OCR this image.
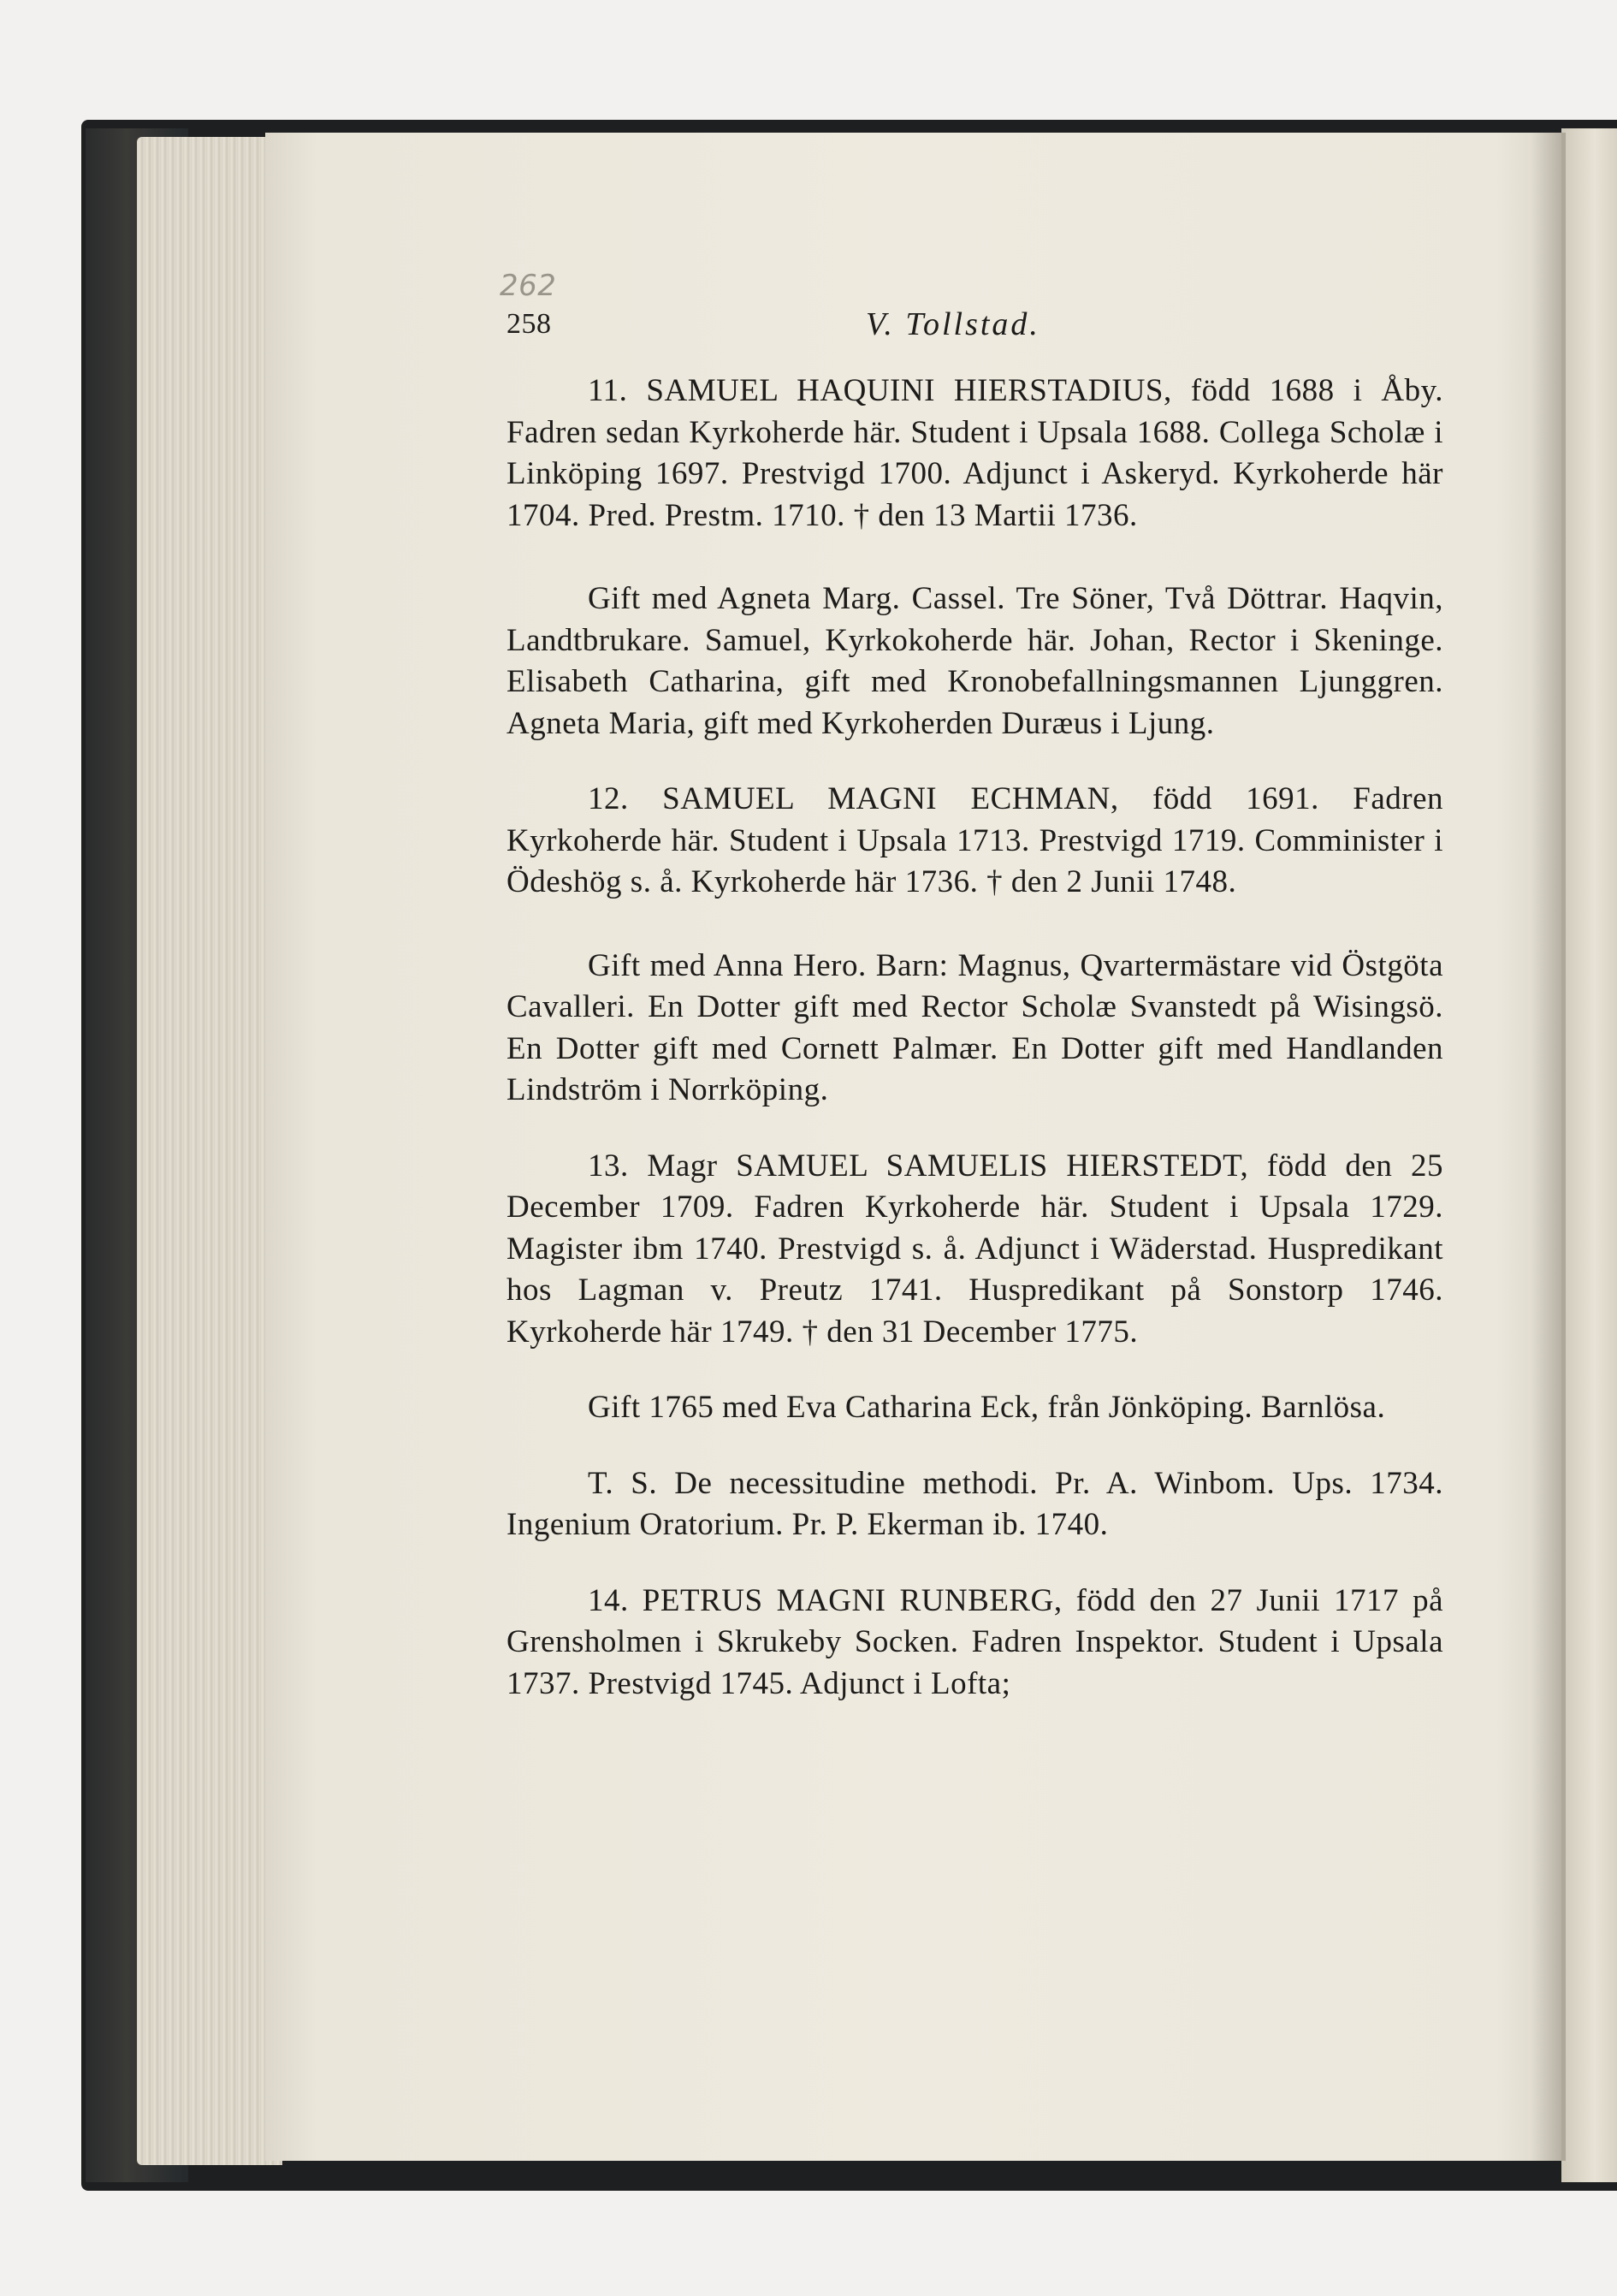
262
258	V. Tollstad.

11. SAMUEL HAQUINI HIERSTADIUS, född 1688 i Åby. Fadren sedan Kyrkoherde här. Student i Upsala 1688. Collega Scholæ i Linköping 1697. Prestvigd 1700. Adjunct i Askeryd. Kyrkoherde här 1704. Pred. Prestm. 1710. † den 13 Martii 1736.

Gift med Agneta Marg. Cassel. Tre Söner, Två Döttrar. Haqvin, Landtbrukare. Samuel, Kyrkokoherde här. Johan, Rector i Skeninge. Elisabeth Catharina, gift med Kronobefallningsmannen Ljunggren. Agneta Maria, gift med Kyrkoherden Duræus i Ljung.

12. SAMUEL MAGNI ECHMAN, född 1691. Fadren Kyrkoherde här. Student i Upsala 1713. Prestvigd 1719. Comminister i Ödeshög s. å. Kyrkoherde här 1736. † den 2 Junii 1748.

Gift med Anna Hero. Barn: Magnus, Qvartermästare vid Östgöta Cavalleri. En Dotter gift med Rector Scholæ Svanstedt på Wisingsö. En Dotter gift med Cornett Palmær. En Dotter gift med Handlanden Lindström i Norrköping.

13. Magr SAMUEL SAMUELIS HIERSTEDT, född den 25 December 1709. Fadren Kyrkoherde här. Student i Upsala 1729. Magister ibm 1740. Prestvigd s. å. Adjunct i Wäderstad. Huspredikant hos Lagman v. Preutz 1741. Huspredikant på Sonstorp 1746. Kyrkoherde här 1749. † den 31 December 1775.

Gift 1765 med Eva Catharina Eck, från Jönköping. Barnlösa.

T. S. De necessitudine methodi. Pr. A. Winbom. Ups. 1734. Ingenium Oratorium. Pr. P. Ekerman ib. 1740.

14. PETRUS MAGNI RUNBERG, född den 27 Junii 1717 på Grensholmen i Skrukeby Socken. Fadren Inspektor. Student i Upsala 1737. Prestvigd 1745. Adjunct i Lofta;
